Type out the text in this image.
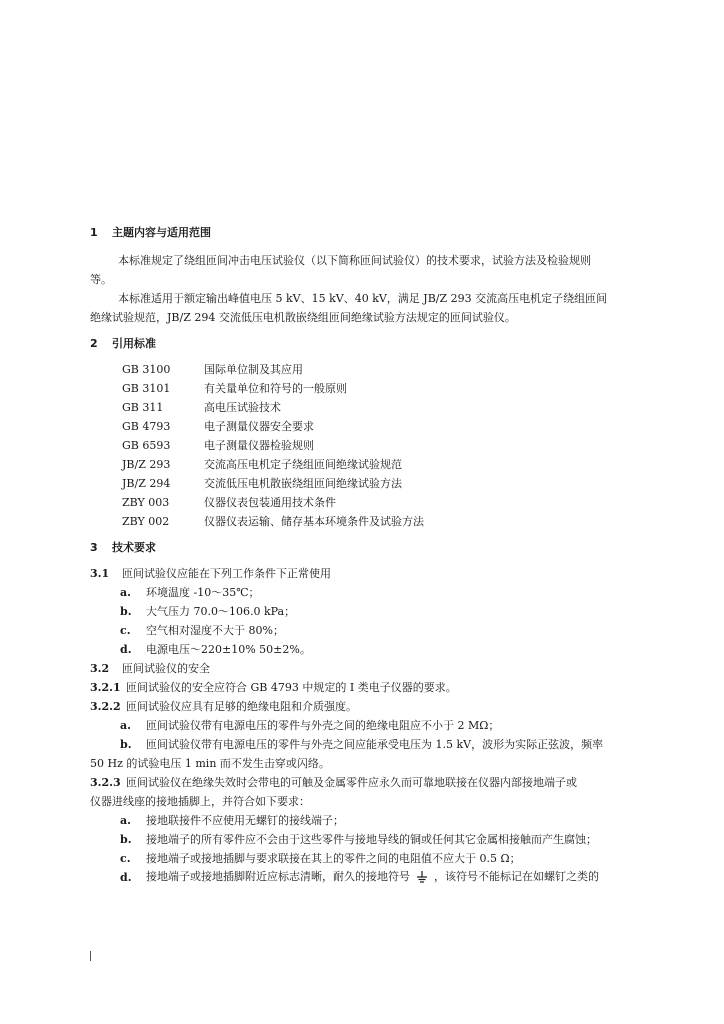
1 主题内容与适用范围
本标准规定了绕组匝间冲击电压试验仪（以下简称匝间试验仪）的技术要求，试验方法及检验规则
等。
本标准适用于额定输出峰值电压 5 kV、15 kV、40 kV，满足 JB/Z 293 交流高压电机定子绕组匝间
绝缘试验规范，JB/Z 294 交流低压电机散嵌绕组匝间绝缘试验方法规定的匝间试验仪。
2 引用标准
GB 3100	国际单位制及其应用
GB 3101	有关量单位和符号的一般原则
GB 311	高电压试验技术
GB 4793	电子测量仪器安全要求
GB 6593	电子测量仪器检验规则
JB/Z 293	交流高压电机定子绕组匝间绝缘试验规范
JB/Z 294	交流低压电机散嵌绕组匝间绝缘试验方法
ZBY 003	仪器仪表包装通用技术条件
ZBY 002	仪器仪表运输、储存基本环境条件及试验方法
3 技术要求
3.1 匝间试验仪应能在下列工作条件下正常使用
a. 环境温度 -10～35℃；
b. 大气压力 70.0～106.0 kPa；
c. 空气相对湿度不大于 80%；
d. 电源电压～220±10% 50±2%。
3.2 匝间试验仪的安全
3.2.1 匝间试验仪的安全应符合 GB 4793 中规定的 I 类电子仪器的要求。
3.2.2 匝间试验仪应具有足够的绝缘电阻和介质强度。
a. 匝间试验仪带有电源电压的零件与外壳之间的绝缘电阻应不小于 2 MΩ；
b. 匝间试验仪带有电源电压的零件与外壳之间应能承受电压为 1.5 kV，波形为实际正弦波，频率
50 Hz 的试验电压 1 min 而不发生击穿或闪络。
3.2.3 匝间试验仪在绝缘失效时会带电的可触及金属零件应永久而可靠地联接在仪器内部接地端子或
仪器进线座的接地插脚上，并符合如下要求：
a. 接地联接件不应使用无螺钉的接线端子；
b. 接地端子的所有零件应不会由于这些零件与接地导线的铜或任何其它金属相接触而产生腐蚀；
c. 接地端子或接地插脚与要求联接在其上的零件之间的电阻值不应大于 0.5 Ω；
d. 接地端子或接地插脚附近应标志清晰，耐久的接地符号 ，该符号不能标记在如螺钉之类的
